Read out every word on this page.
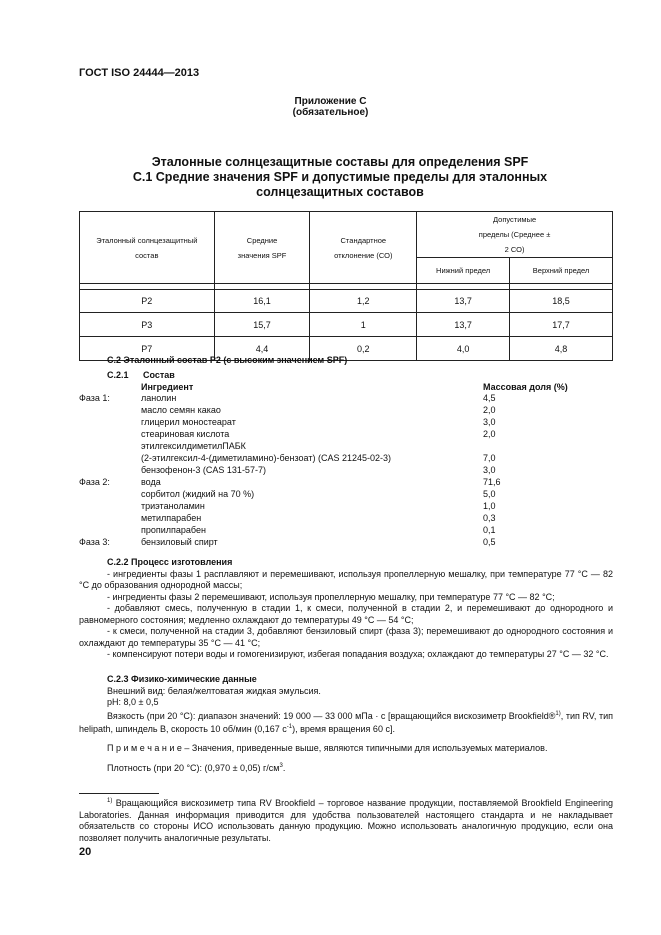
ГОСТ ISO 24444—2013
Приложение С
(обязательное)
Эталонные солнцезащитные составы для определения SPF
С.1 Средние значения SPF и допустимые пределы для эталонных
солнцезащитных составов
Эталонный солнцезащитный состав	Средние значения SPF	Стандартное отклонение (СО)	Допустимые пределы (Среднее ± 2 СО)	
			Нижний предел	Верхний предел

P2	16,1	1,2	13,7	18,5
P3	15,7	1	13,7	17,7
P7	4,4	0,2	4,0	4,8
С.2 Эталонный состав Р2 (с высоким значением SPF)
С.2.1 Состав
Ингредиент	Массовая доля (%)
Фаза 1:	ланолин	4,5
масло семян какао	2,0
глицерил моностеарат	3,0
стеариновая кислота	2,0
этилгексилдиметилПАБК
(2-этилгексил-4-(диметиламино)-бензоат) (CAS 21245-02-3)	7,0
бензофенон-3 (CAS 131-57-7)	3,0
Фаза 2:	вода	71,6
сорбитол (жидкий на 70 %)	5,0
триэтаноламин	1,0
метилпарабен	0,3
пропилпарабен	0,1
Фаза 3:	бензиловый спирт	0,5
С.2.2 Процесс изготовления
- ингредиенты фазы 1 расплавляют и перемешивают, используя пропеллерную мешалку, при температуре 77 °С — 82 °С до образования однородной массы;
- ингредиенты фазы 2 перемешивают, используя пропеллерную мешалку, при температуре 77 °С — 82 °С;
- добавляют смесь, полученную в стадии 1, к смеси, полученной в стадии 2, и перемешивают до однородного и равномерного состояния; медленно охлаждают до температуры 49 °С — 54 °С;
- к смеси, полученной на стадии 3, добавляют бензиловый спирт (фаза 3); перемешивают до однородного состояния и охлаждают до температуры 35 °С — 41 °С;
- компенсируют потери воды и гомогенизируют, избегая попадания воздуха; охлаждают до температуры 27 °С — 32 °С.
С.2.3 Физико-химические данные
Внешний вид: белая/желтоватая жидкая эмульсия.
pH: 8,0 ± 0,5
Вязкость (при 20 °С): диапазон значений: 19 000 — 33 000 мПа · с [вращающийся вискозиметр Brookfield®$^{1)}$, тип RV, тип helipath, шпиндель В, скорость 10 об/мин (0,167 $с^{-1}$), время вращения 60 с].
П р и м е ч а н и е – Значения, приведенные выше, являются типичными для используемых материалов.
Плотность (при 20 °С): (0,970 ± 0,05) $г/см^3$.
$^{1)}$ Вращающийся вискозиметр типа RV Brookfield – торговое название продукции, поставляемой Brookfield Engineering Laboratories. Данная информация приводится для удобства пользователей настоящего стандарта и не накладывает обязательств со стороны ИСО использовать данную продукцию. Можно использовать аналогичную продукцию, если она позволяет получить аналогичные результаты.
20
